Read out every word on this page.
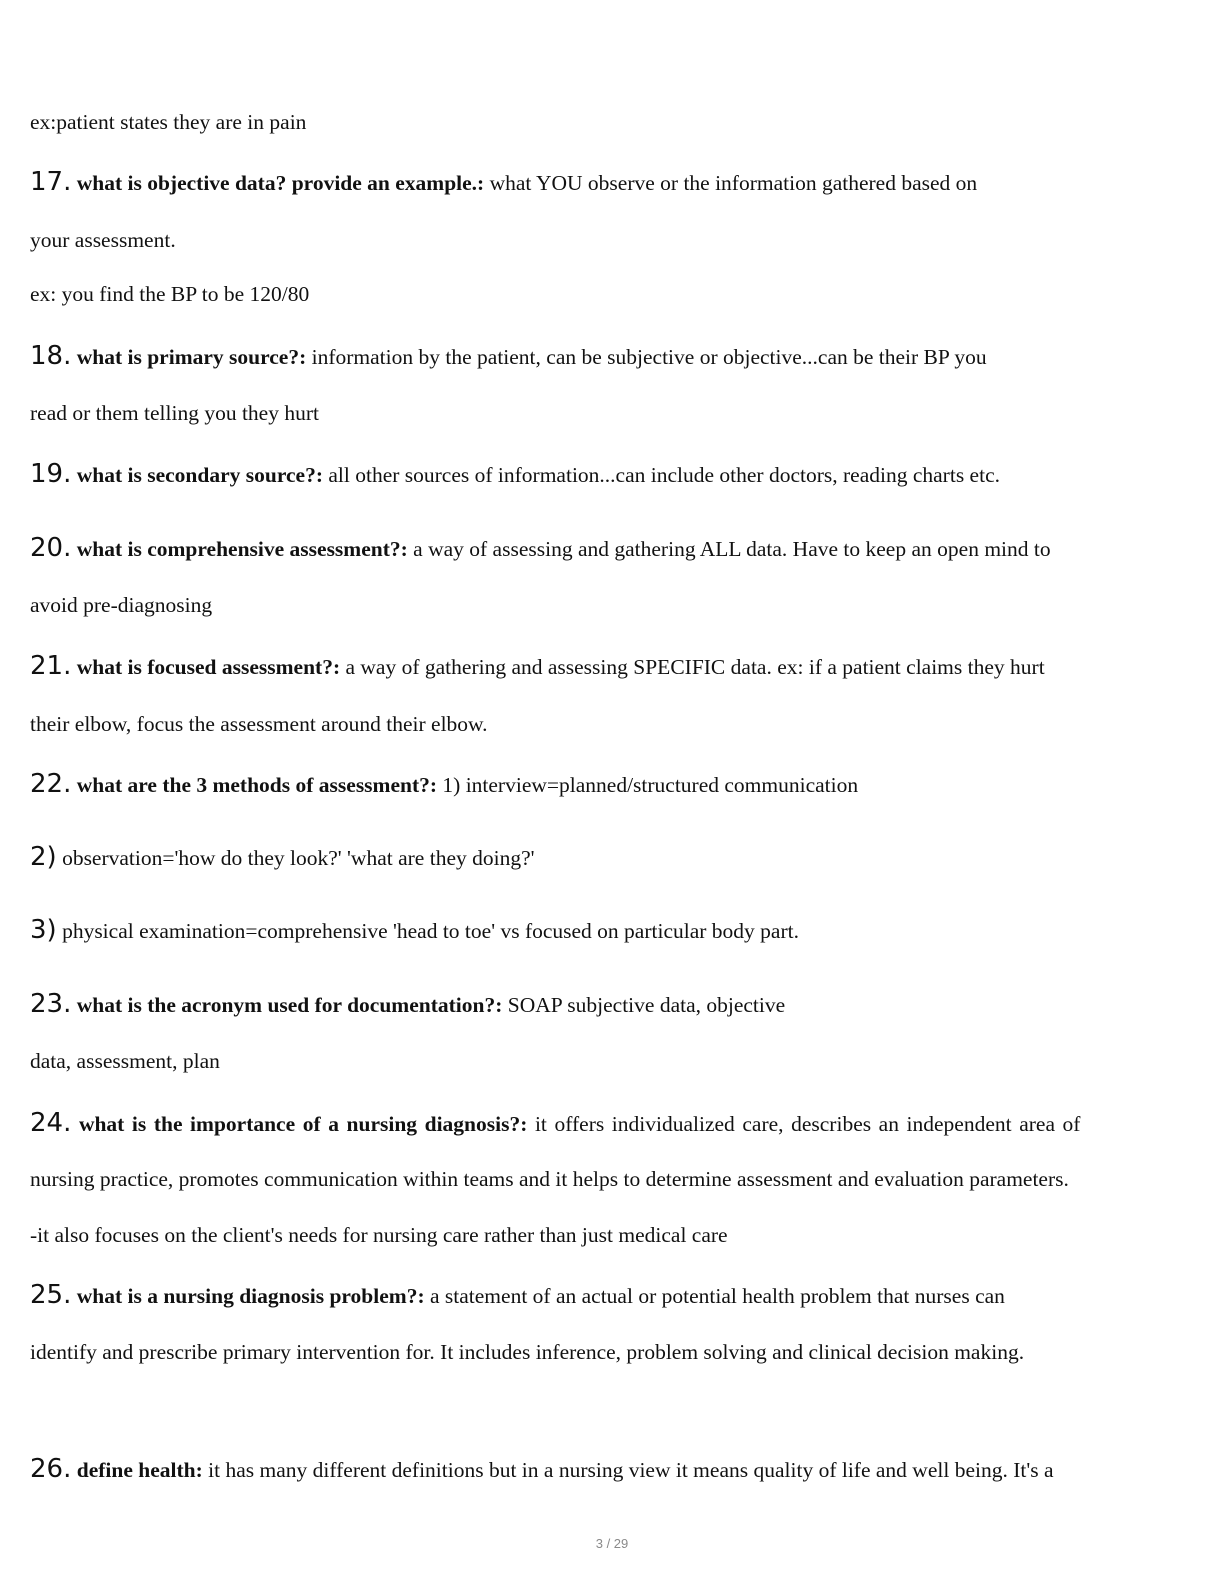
ex:patient states they are in pain
17. what is objective data? provide an example.: what YOU observe or the information gathered based on
your assessment.
ex: you find the BP to be 120/80
18. what is primary source?: information by the patient, can be subjective or objective...can be their BP you
read or them telling you they hurt
19. what is secondary source?: all other sources of information...can include other doctors, reading charts etc.
20. what is comprehensive assessment?: a way of assessing and gathering ALL data. Have to keep an open mind to
avoid pre-diagnosing
21. what is focused assessment?: a way of gathering and assessing SPECIFIC data. ex: if a patient claims they hurt
their elbow, focus the assessment around their elbow.
22. what are the 3 methods of assessment?: 1) interview=planned/structured communication
2) observation='how do they look?' 'what are they doing?'
3) physical examination=comprehensive 'head to toe' vs focused on particular body part.
23. what is the acronym used for documentation?: SOAP subjective data, objective
data, assessment, plan
24. what is the importance of a nursing diagnosis?: it offers individualized care, describes an independent area of
nursing practice, promotes communication within teams and it helps to determine assessment and evaluation parameters.
-it also focuses on the client's needs for nursing care rather than just medical care
25. what is a nursing diagnosis problem?: a statement of an actual or potential health problem that nurses can
identify and prescribe primary intervention for. It includes inference, problem solving and clinical decision making.
26. define health: it has many different definitions but in a nursing view it means quality of life and well being. It's a
3 / 29
